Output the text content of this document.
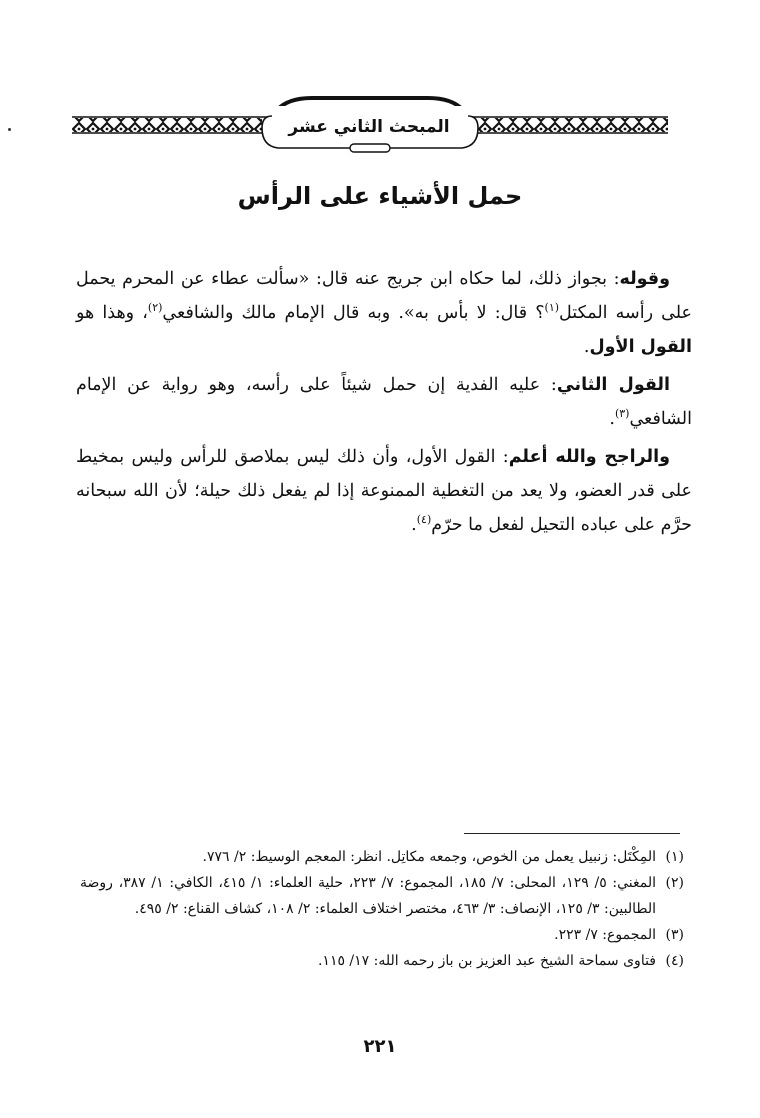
المبحث الثاني عشر
حمل الأشياء على الرأس

وقوله: بجواز ذلك، لما حكاه ابن جريج عنه قال: «سألت عطاء عن المحرم يحمل على رأسه المكتل$^{(١)}$؟ قال: لا بأس به». وبه قال الإمام مالك والشافعي$^{(٢)}$، وهذا هو القول الأول.

القول الثاني: عليه الفدية إن حمل شيئاً على رأسه، وهو رواية عن الإمام الشافعي$^{(٣)}$.

والراجح والله أعلم: القول الأول، وأن ذلك ليس بملاصق للرأس وليس بمخيط على قدر العضو، ولا يعد من التغطية الممنوعة إذا لم يفعل ذلك حيلة؛ لأن الله سبحانه حرَّم على عباده التحيل لفعل ما حرّم$^{(٤)}$.

(١)
المِكْتَل: زنبيل يعمل من الخوص، وجمعه مكاتِل. انظر: المعجم الوسيط: ٢/ ٧٧٦.
(٢)
المغني: ٥/ ١٢٩، المحلى: ٧/ ١٨٥، المجموع: ٧/ ٢٢٣، حلية العلماء: ١/ ٤١٥، الكافي: ١/ ٣٨٧، روضة الطالبين: ٣/ ١٢٥، الإنصاف: ٣/ ٤٦٣، مختصر اختلاف العلماء: ٢/ ١٠٨، كشاف القناع: ٢/ ٤٩٥.
(٣)
المجموع: ٧/ ٢٢٣.
(٤)
فتاوى سماحة الشيخ عبد العزيز بن باز رحمه الله: ١٧/ ١١٥.
٢٢١
